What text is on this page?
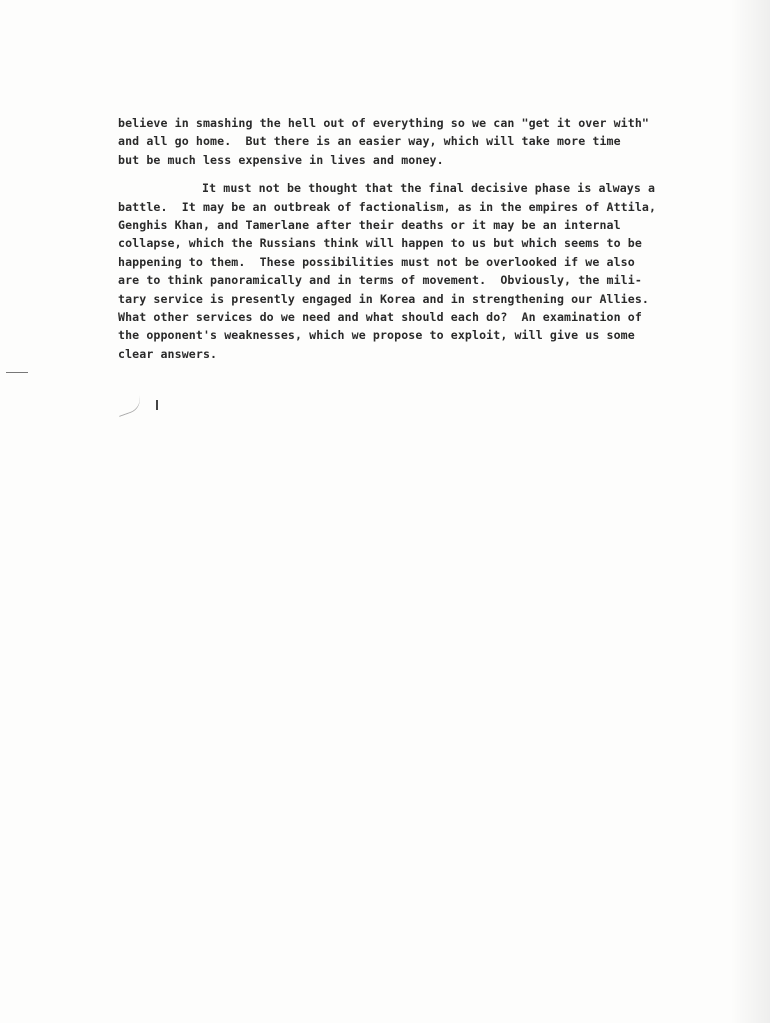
believe in smashing the hell out of everything so we can "get it over with"
and all go home.  But there is an easier way, which will take more time
but be much less expensive in lives and money.
It must not be thought that the final decisive phase is always a
battle.  It may be an outbreak of factionalism, as in the empires of Attila,
Genghis Khan, and Tamerlane after their deaths or it may be an internal
collapse, which the Russians think will happen to us but which seems to be
happening to them.  These possibilities must not be overlooked if we also
are to think panoramically and in terms of movement.  Obviously, the mili-
tary service is presently engaged in Korea and in strengthening our Allies.
What other services do we need and what should each do?  An examination of
the opponent's weaknesses, which we propose to exploit, will give us some
clear answers.
